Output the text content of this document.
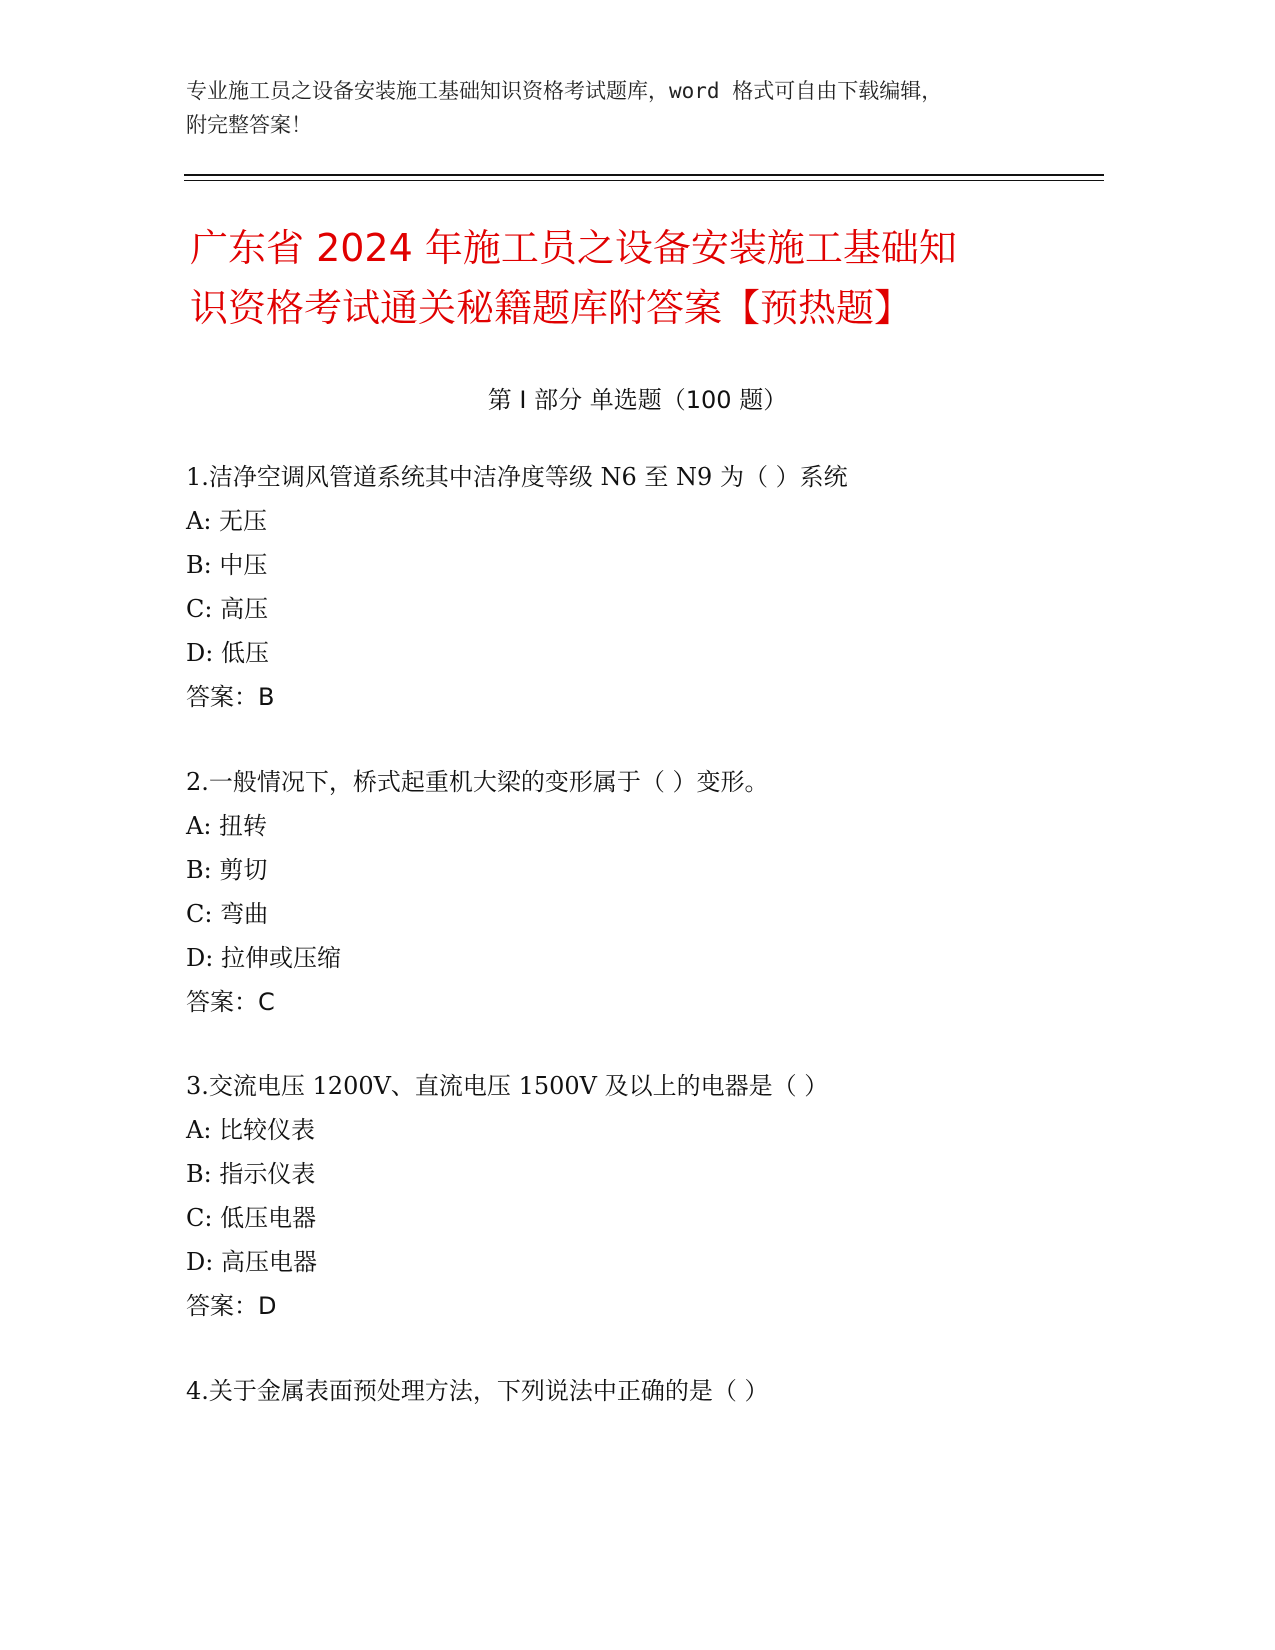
专业施工员之设备安装施工基础知识资格考试题库，word 格式可自由下载编辑，
附完整答案！
广东省 2024 年施工员之设备安装施工基础知
识资格考试通关秘籍题库附答案【预热题】
第 I 部分 单选题（100 题）
1.洁净空调风管道系统其中洁净度等级 N6 至 N9 为（ ）系统
A: 无压
B: 中压
C: 高压
D: 低压
答案：B
2.一般情况下，桥式起重机大梁的变形属于（ ）变形。
A: 扭转
B: 剪切
C: 弯曲
D: 拉伸或压缩
答案：C
3.交流电压 1200V、直流电压 1500V 及以上的电器是（ ）
A: 比较仪表
B: 指示仪表
C: 低压电器
D: 高压电器
答案：D
4.关于金属表面预处理方法，下列说法中正确的是（ ）
